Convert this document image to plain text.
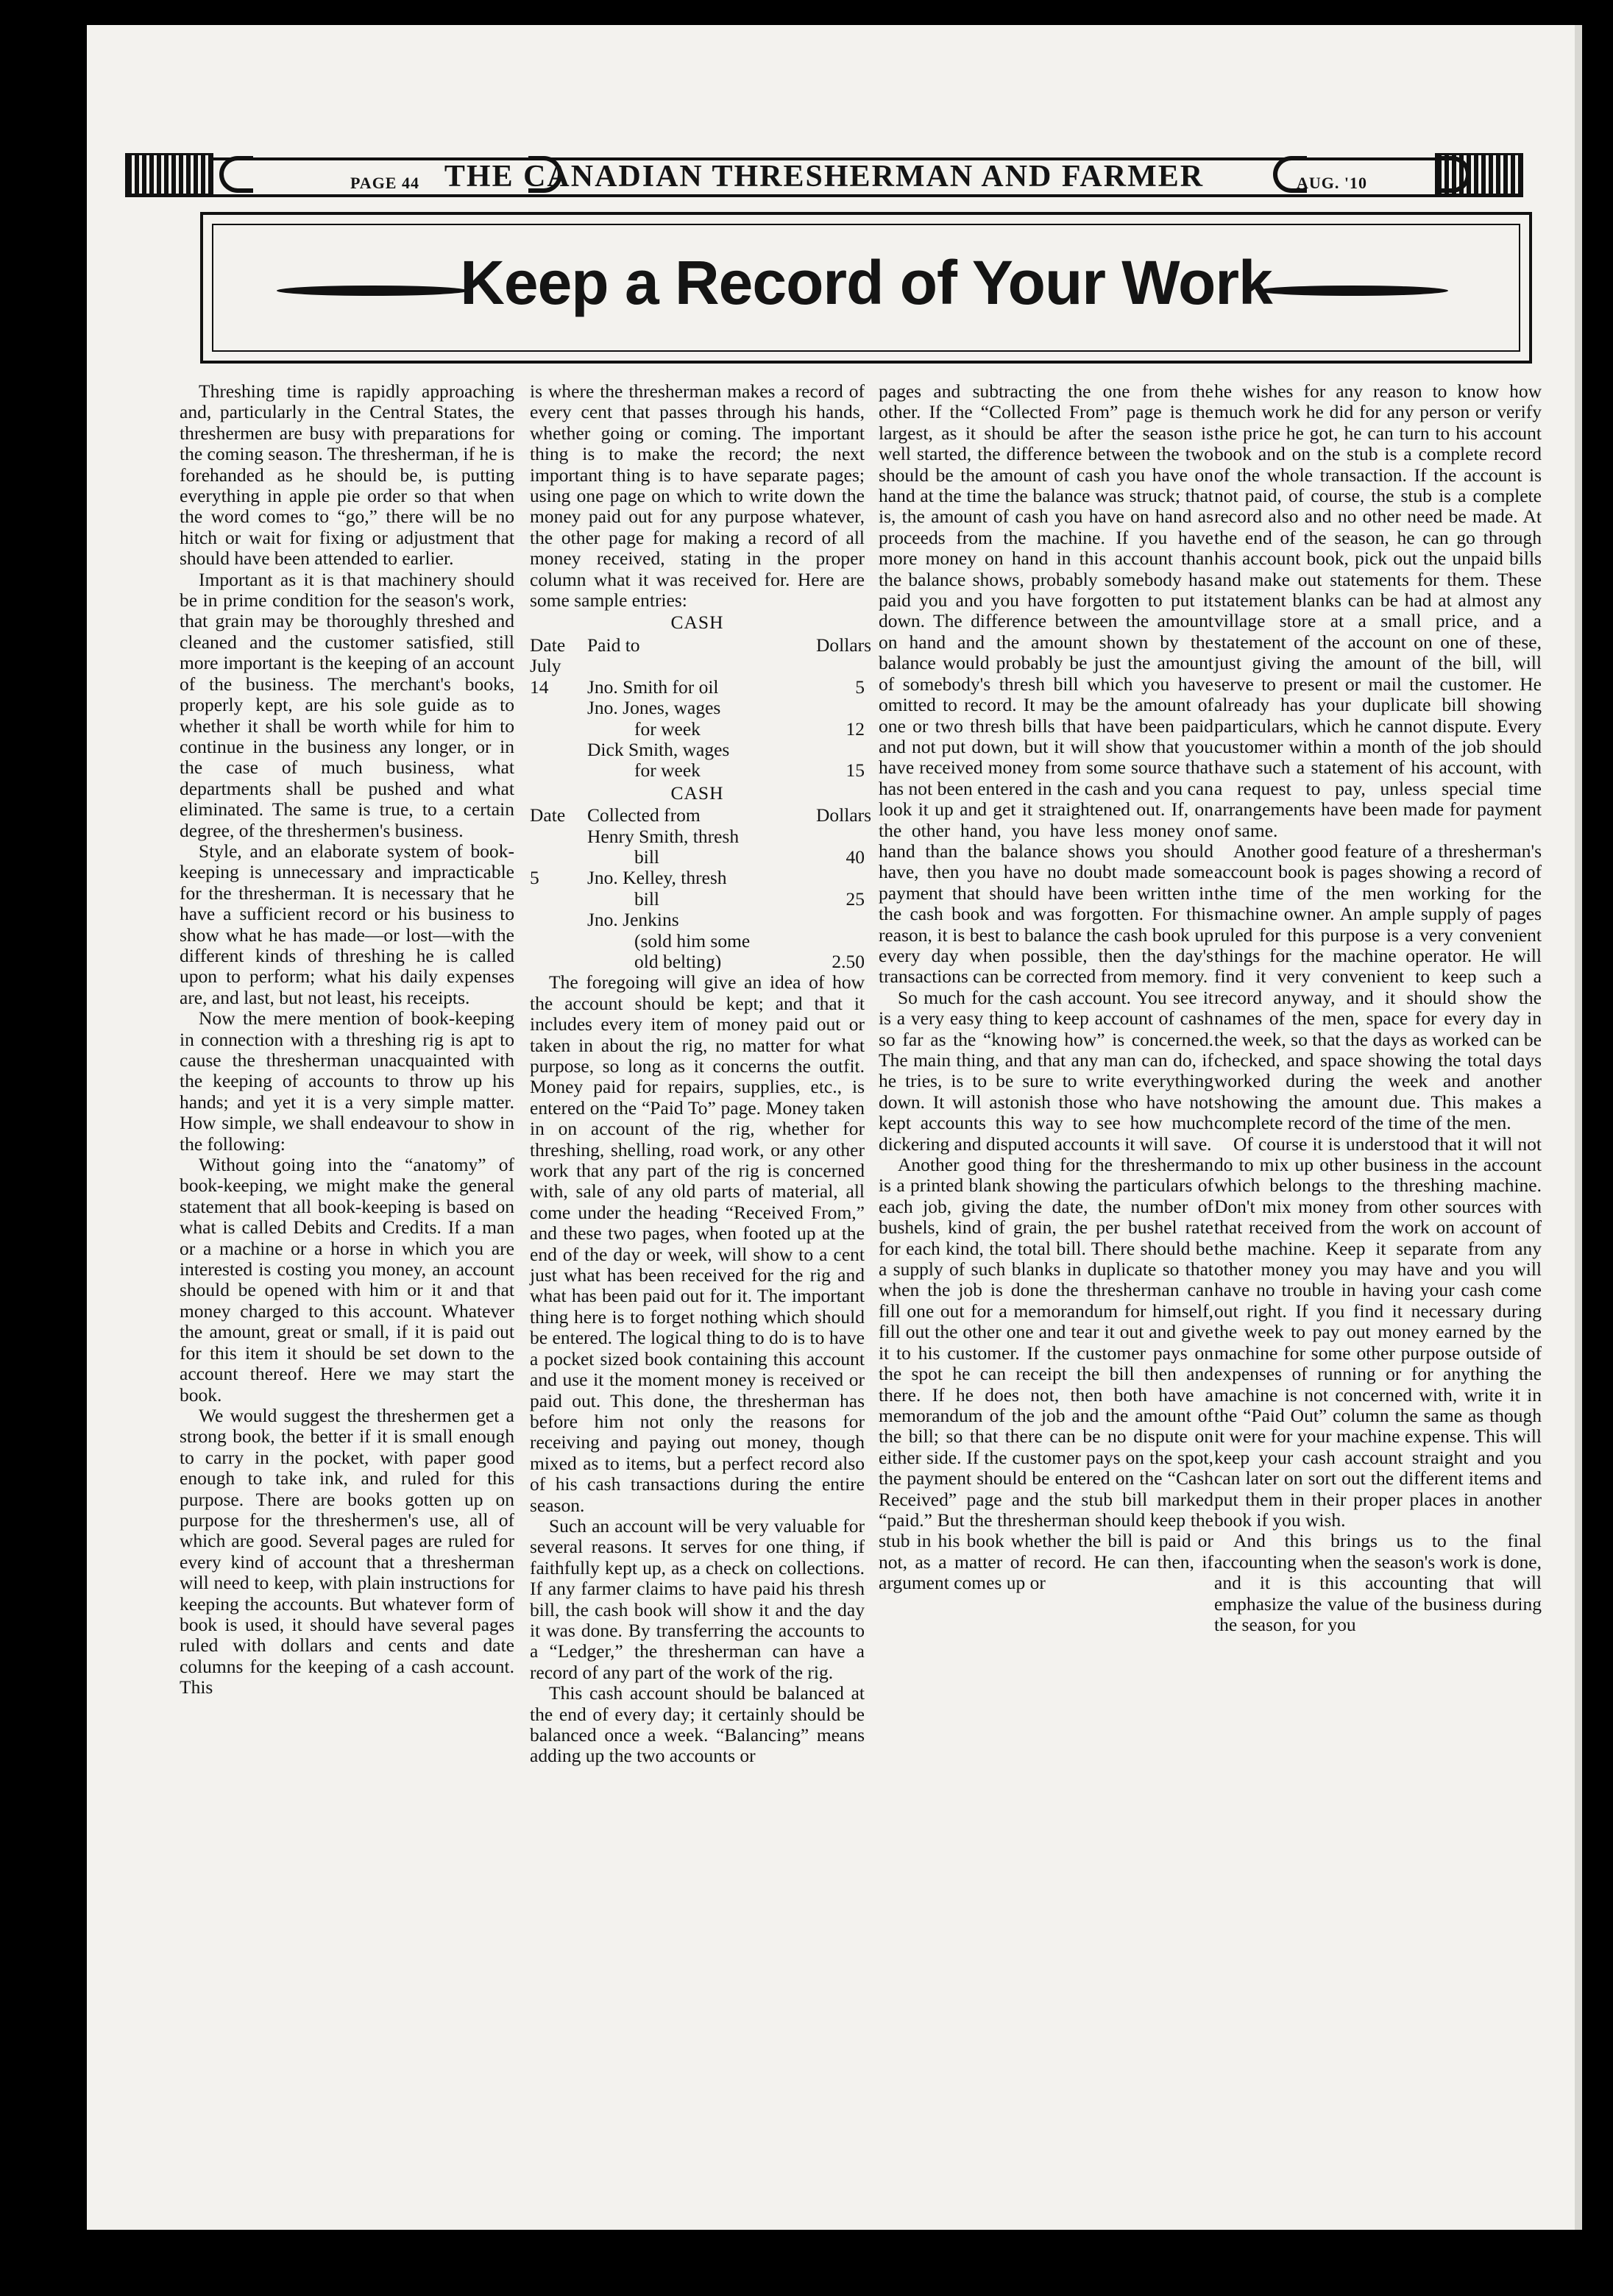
PAGE 44 THE CANADIAN THRESHERMAN AND FARMER	AUG. '10
Keep a Record of Your Work

Threshing time is rapidly approaching and, particularly in the Central States, the threshermen are busy with preparations for the coming season. The thresherman, if he is forehanded as he should be, is putting everything in apple pie order so that when the word comes to “go,” there will be no hitch or wait for fixing or adjustment that should have been attended to earlier.

Important as it is that machinery should be in prime condition for the season's work, that grain may be thoroughly threshed and cleaned and the customer satisfied, still more important is the keeping of an account of the business. The merchant's books, properly kept, are his sole guide as to whether it shall be worth while for him to continue in the business any longer, or in the case of much business, what departments shall be pushed and what eliminated. The same is true, to a certain degree, of the threshermen's business.

Style, and an elaborate system of book-keeping is unnecessary and impracticable for the thresherman. It is necessary that he have a sufficient record or his business to show what he has made—or lost—with the different kinds of threshing he is called upon to perform; what his daily expenses are, and last, but not least, his receipts.

Now the mere mention of book-keeping in connection with a threshing rig is apt to cause the thresherman unacquainted with the keeping of accounts to throw up his hands; and yet it is a very simple matter. How simple, we shall endeavour to show in the following:

Without going into the “anatomy” of book-keeping, we might make the general statement that all book-keeping is based on what is called Debits and Credits. If a man or a machine or a horse in which you are interested is costing you money, an account should be opened with him or it and that money charged to this account. Whatever the amount, great or small, if it is paid out for this item it should be set down to the account thereof. Here we may start the book.

We would suggest the threshermen get a strong book, the better if it is small enough to carry in the pocket, with paper good enough to take ink, and ruled for this purpose. There are books gotten up on purpose for the threshermen's use, all of which are good. Several pages are ruled for every kind of account that a thresherman will need to keep, with plain instructions for keeping the accounts. But whatever form of book is used, it should have several pages ruled with dollars and cents and date columns for the keeping of a cash account. This

is where the thresherman makes a record of every cent that passes through his hands, whether going or coming. The important thing is to make the record; the next important thing is to have separate pages; using one page on which to write down the money paid out for any purpose whatever, the other page for making a record of all money received, stating in the proper column what it was received for. Here are some sample entries:

CASH
Date	Paid to	Dollars
July 14	Jno. Smith for oil	5
Jno. Jones, wages
for week	12
Dick Smith, wages
for week	15
CASH
Date	Collected from	Dollars
Henry Smith, thresh
bill	40
5	Jno. Kelley, thresh
bill	25
Jno. Jenkins
(sold him some
old belting)	2.50

The foregoing will give an idea of how the account should be kept; and that it includes every item of money paid out or taken in about the rig, no matter for what purpose, so long as it concerns the outfit. Money paid for repairs, supplies, etc., is entered on the “Paid To” page. Money taken in on account of the rig, whether for threshing, shelling, road work, or any other work that any part of the rig is concerned with, sale of any old parts of material, all come under the heading “Received From,” and these two pages, when footed up at the end of the day or week, will show to a cent just what has been received for the rig and what has been paid out for it. The important thing here is to forget nothing which should be entered. The logical thing to do is to have a pocket sized book containing this account and use it the moment money is received or paid out. This done, the thresherman has before him not only the reasons for receiving and paying out money, though mixed as to items, but a perfect record also of his cash transactions during the entire season.

Such an account will be very valuable for several reasons. It serves for one thing, if faithfully kept up, as a check on collections. If any farmer claims to have paid his thresh bill, the cash book will show it and the day it was done. By transferring the accounts to a “Ledger,” the thresherman can have a record of any part of the work of the rig.

This cash account should be balanced at the end of every day; it certainly should be balanced once a week. “Balancing” means adding up the two accounts or

pages and subtracting the one from the other. If the “Collected From” page is the largest, as it should be after the season is well started, the difference between the two should be the amount of cash you have on hand at the time the balance was struck; that is, the amount of cash you have on hand as proceeds from the machine. If you have more money on hand in this account than the balance shows, probably somebody has paid you and you have forgotten to put it down. The difference between the amount on hand and the amount shown by the balance would probably be just the amount of somebody's thresh bill which you have omitted to record. It may be the amount of one or two thresh bills that have been paid and not put down, but it will show that you have received money from some source that has not been entered in the cash and you can look it up and get it straightened out. If, on the other hand, you have less money on hand than the balance shows you should have, then you have no doubt made some payment that should have been written in the cash book and was forgotten. For this reason, it is best to balance the cash book up every day when possible, then the day's transactions can be corrected from memory.

So much for the cash account. You see it is a very easy thing to keep account of cash so far as the “knowing how” is concerned. The main thing, and that any man can do, if he tries, is to be sure to write everything down. It will astonish those who have not kept accounts this way to see how much dickering and disputed accounts it will save.

Another good thing for the thresherman is a printed blank showing the particulars of each job, giving the date, the number of bushels, kind of grain, the per bushel rate for each kind, the total bill. There should be a supply of such blanks in duplicate so that when the job is done the thresherman can fill one out for a memorandum for himself, fill out the other one and tear it out and give it to his customer. If the customer pays on the spot he can receipt the bill then and there. If he does not, then both have a memorandum of the job and the amount of the bill; so that there can be no dispute on either side. If the customer pays on the spot, the payment should be entered on the “Cash Received” page and the stub bill marked “paid.” But the thresherman should keep the stub in his book whether the bill is paid or not, as a matter of record. He can then, if argument comes up or

he wishes for any reason to know how much work he did for any person or verify the price he got, he can turn to his account book and on the stub is a complete record of the whole transaction. If the account is not paid, of course, the stub is a complete record also and no other need be made. At the end of the season, he can go through his account book, pick out the unpaid bills and make out statements for them. These statement blanks can be had at almost any village store at a small price, and a statement of the account on one of these, just giving the amount of the bill, will serve to present or mail the customer. He already has your duplicate bill showing particulars, which he cannot dispute. Every customer within a month of the job should have such a statement of his account, with a request to pay, unless special time arrangements have been made for payment of same.

Another good feature of a thresherman's account book is pages showing a record of the time of the men working for the machine owner. An ample supply of pages ruled for this purpose is a very convenient things for the machine operator. He will find it very convenient to keep such a record anyway, and it should show the names of the men, space for every day in the week, so that the days as worked can be checked, and space showing the total days worked during the week and another showing the amount due. This makes a complete record of the time of the men.

Of course it is understood that it will not do to mix up other business in the account which belongs to the threshing machine. Don't mix money from other sources with that received from the work on account of the machine. Keep it separate from any other money you may have and you will have no trouble in having your cash come out right. If you find it necessary during the week to pay out money earned by the machine for some other purpose outside of expenses of running or for anything the machine is not concerned with, write it in the “Paid Out” column the same as though it were for your machine expense. This will keep your cash account straight and you can later on sort out the different items and put them in their proper places in another book if you wish.

And this brings us to the final accounting when the season's work is done, and it is this accounting that will emphasize the value of the business during the season, for you
